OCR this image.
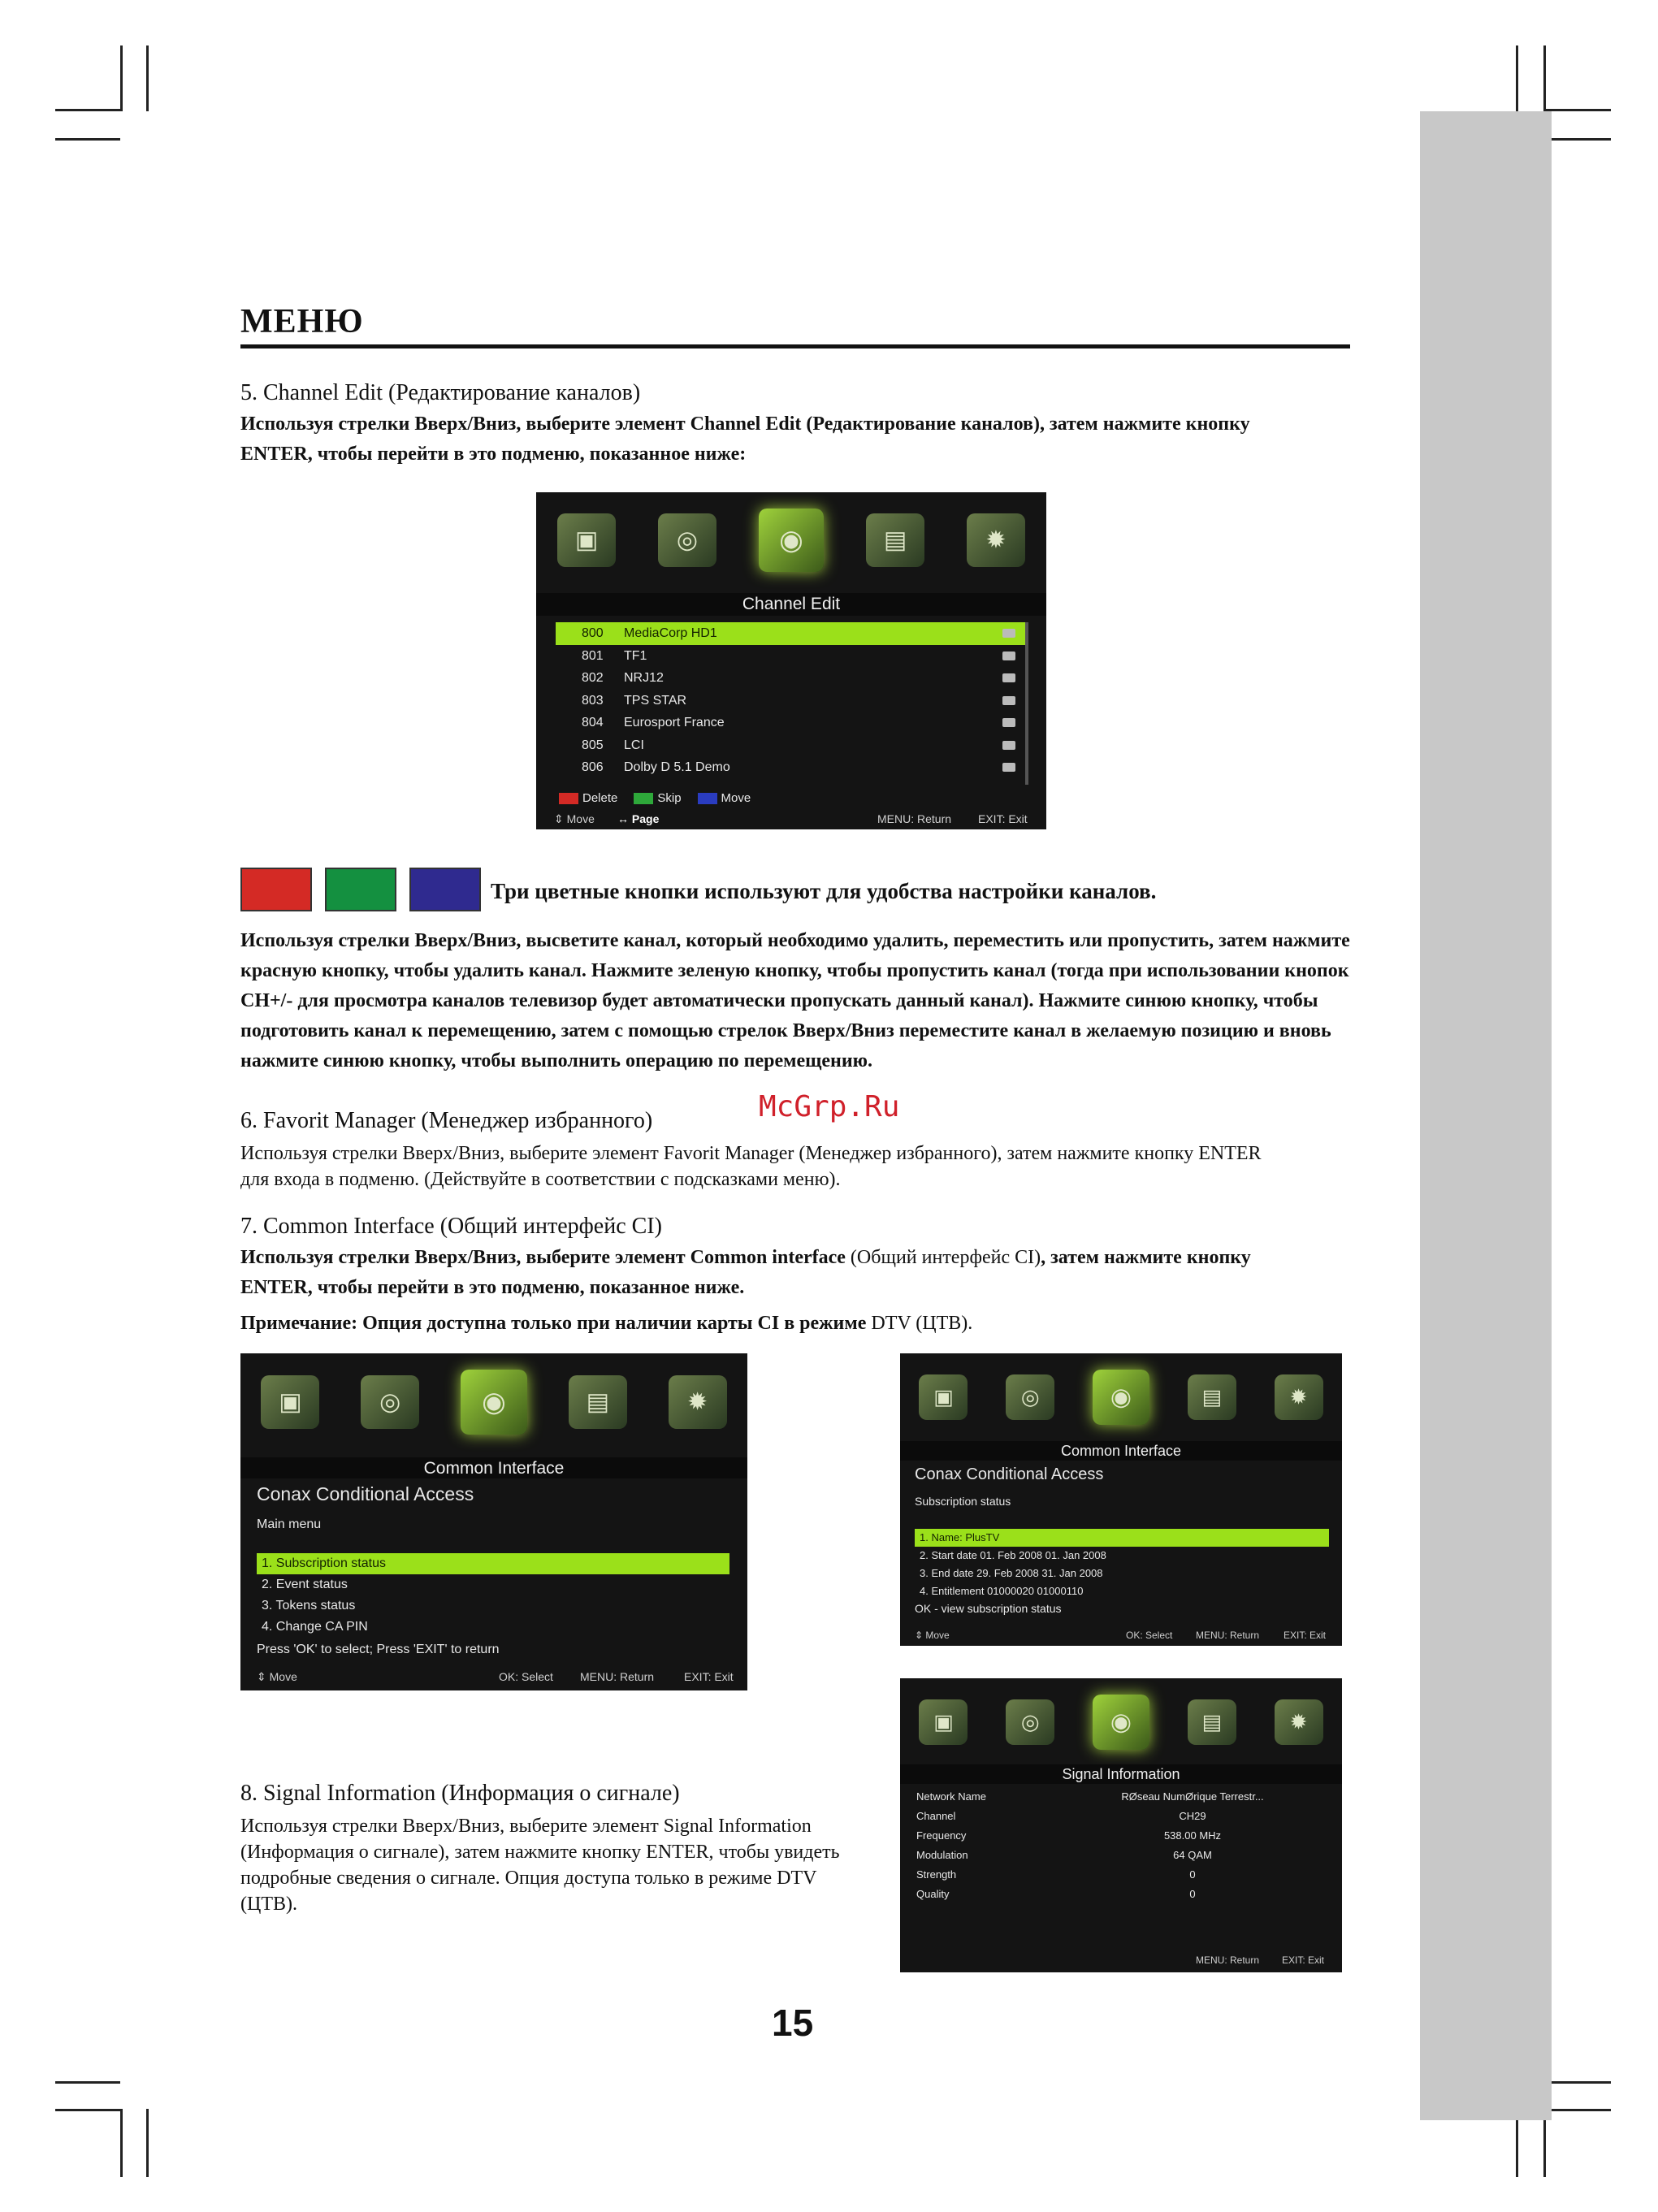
МЕНЮ
5. Channel Edit (Редактирование каналов)
Используя стрелки Вверх/Вниз, выберите элемент Channel Edit (Редактирование каналов), затем нажмите кнопку ENTER, чтобы перейти в это подменю, показанное ниже:
▣	◎	◉	▤	✹
Channel Edit
800 MediaCorp HD1
801 TF1
802 NRJ12
803 TPS STAR
804 Eurosport France
805 LCI
806 Dolby D 5.1 Demo
Delete	Skip	Move
⇕ Move ↔ Page	MENU: Return EXIT: Exit
Три цветные кнопки используют для удобства настройки каналов.
Используя стрелки Вверх/Вниз, высветите канал, который необходимо удалить, переместить или пропустить, затем нажмите красную кнопку, чтобы удалить канал. Нажмите зеленую кнопку, чтобы пропустить канал (тогда при использовании кнопок CH+/- для просмотра каналов телевизор будет автоматически пропускать данный канал). Нажмите синюю кнопку, чтобы подготовить канал к перемещению, затем с помощью стрелок Вверх/Вниз переместите канал в желаемую позицию и вновь нажмите синюю кнопку, чтобы выполнить операцию по перемещению.
McGrp.Ru
6. Favorit Manager (Менеджер избранного)
Используя стрелки Вверх/Вниз, выберите элемент Favorit Manager (Менеджер избранного), затем нажмите кнопку ENTER для входа в подменю. (Действуйте в соответствии с подсказками меню).
7. Common Interface (Общий интерфейс CI)
Используя стрелки Вверх/Вниз, выберите элемент Common interface (Общий интерфейс CI), затем нажмите кнопку ENTER, чтобы перейти в это подменю, показанное ниже.
Примечание: Опция доступна только при наличии карты CI в режиме DTV (ЦТВ).
▣	◎	◉	▤	✹
Common Interface
Conax Conditional Access
Main menu
1. Subscription status
2. Event status
3. Tokens status
4. Change CA PIN
Press 'OK' to select; Press 'EXIT' to return
⇕ Move	OK: Select MENU: Return	EXIT: Exit
▣	◎	◉	▤	✹
Common Interface
Conax Conditional Access
Subscription status
1. Name: PlusTV
2. Start date 01. Feb 2008 01. Jan 2008
3. End date 29. Feb 2008 31. Jan 2008
4. Entitlement 01000020 01000110
OK - view subscription status
⇕ Move	OK: Select MENU: Return EXIT: Exit
8. Signal Information (Информация о сигнале)
Используя стрелки Вверх/Вниз, выберите элемент Signal Information (Информация о сигнале), затем нажмите кнопку ENTER, чтобы увидеть подробные сведения о сигнале. Опция доступа только в режиме DTV (ЦТВ).
▣	◎	◉	▤	✹
Signal Information
Network Name	RØseau NumØrique Terrestr...
Channel	CH29
Frequency	538.00 MHz
Modulation	64 QAM
Strength	0
Quality	0
MENU: Return EXIT: Exit
15
